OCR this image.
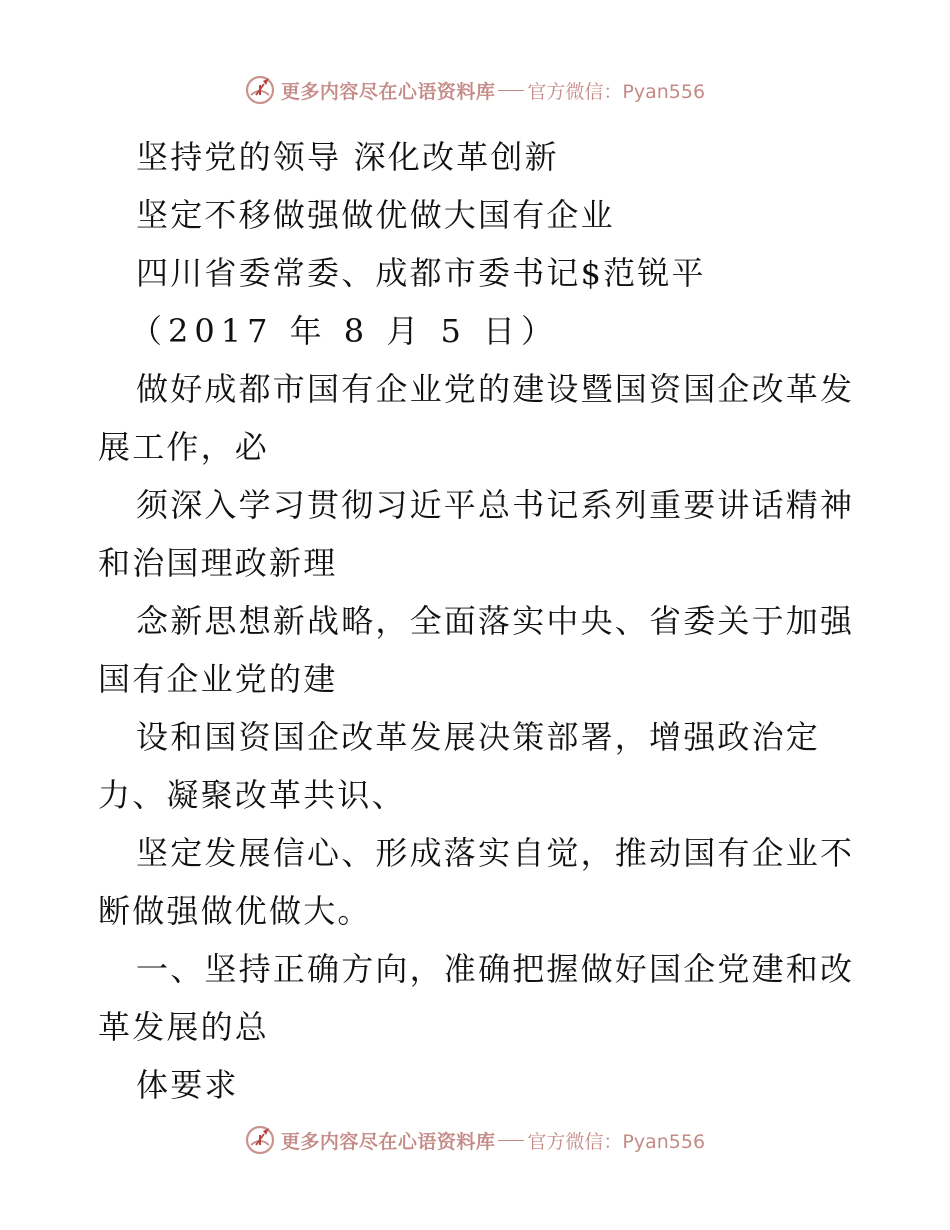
更多内容尽在心语资料库 官方微信：Pyan556
坚持党的领导 深化改革创新
坚定不移做强做优做大国有企业
四川省委常委、成都市委书记$范锐平
（2017 年 8 月 5 日）
做好成都市国有企业党的建设暨国资国企改革发
展工作，必
须深入学习贯彻习近平总书记系列重要讲话精神
和治国理政新理
念新思想新战略，全面落实中央、省委关于加强
国有企业党的建
设和国资国企改革发展决策部署，增强政治定
力、凝聚改革共识、
坚定发展信心、形成落实自觉，推动国有企业不
断做强做优做大。
一、坚持正确方向，准确把握做好国企党建和改
革发展的总
体要求
更多内容尽在心语资料库 官方微信：Pyan556
